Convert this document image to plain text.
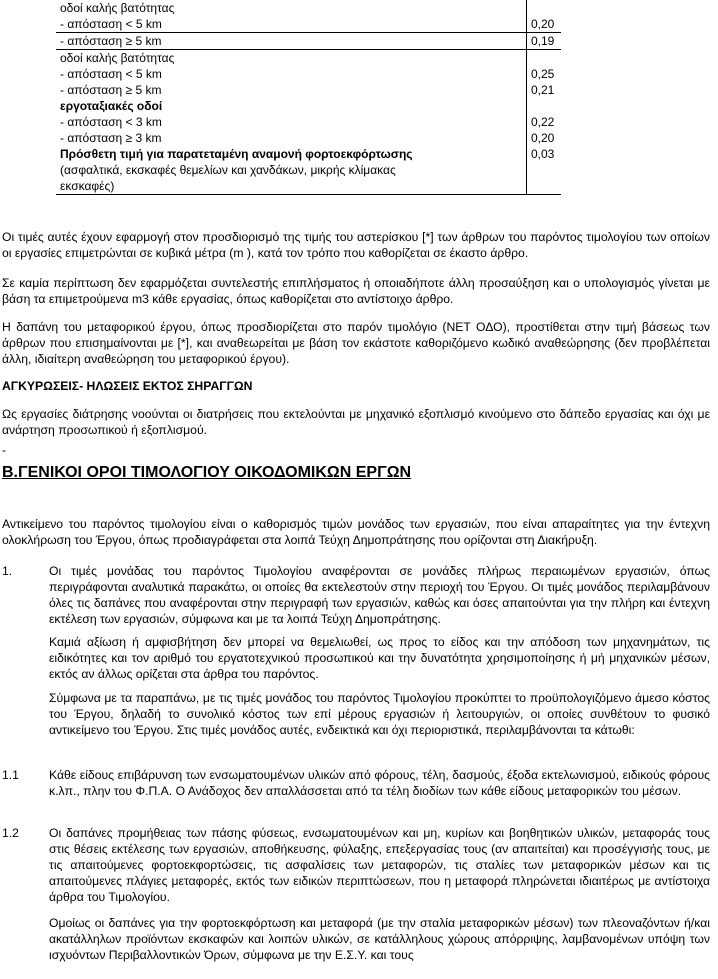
οδοί καλής βατότητας	
- απόσταση < 5 km	0,20
- απόσταση ≥ 5 km	0,19
οδοί καλής βατότητας	
- απόσταση < 5 km	0,25
- απόσταση ≥ 5 km	0,21
εργοταξιακές οδοί	
- απόσταση < 3 km	0,22
- απόσταση ≥ 3 km	0,20
Πρόσθετη τιμή για παρατεταμένη αναμονή φορτοεκφόρτωσης	0,03
(ασφαλτικά, εκσκαφές θεμελίων και χανδάκων, μικρής κλίμακας	
εκσκαφές)	

Οι τιμές αυτές έχουν εφαρμογή στον προσδιορισμό της τιμής του αστερίσκου [*] των άρθρων του παρόντος τιμολογίου των οποίων οι εργασίες επιμετρώνται σε κυβικά μέτρα (m ), κατά τον τρόπο που καθορίζεται σε έκαστο άρθρο.

Σε καμία περίπτωση δεν εφαρμόζεται συντελεστής επιπλήσματος ή οποιαδήποτε άλλη προσαύξηση και ο υπολογισμός γίνεται με βάση τα επιμετρούμενα m3 κάθε εργασίας, όπως καθορίζεται στο αντίστοιχο άρθρο.

Η δαπάνη του μεταφορικού έργου, όπως προσδιορίζεται στο παρόν τιμολόγιο (ΝΕΤ ΟΔΟ), προστίθεται στην τιμή βάσεως των άρθρων που επισημαίνονται με [*], και αναθεωρείται με βάση τον εκάστοτε καθοριζόμενο κωδικό αναθεώρησης (δεν προβλέπεται άλλη, ιδιαίτερη αναθεώρηση του μεταφορικού έργου).

ΑΓΚΥΡΩΣΕΙΣ- ΗΛΩΣΕΙΣ ΕΚΤΟΣ ΣΗΡΑΓΓΩΝ

Ως εργασίες διάτρησης νοούνται οι διατρήσεις που εκτελούνται με μηχανικό εξοπλισμό κινούμενο στο δάπεδο εργασίας και όχι με ανάρτηση προσωπικού ή εξοπλισμού.

-

Β.ΓΕΝΙΚΟΙ ΟΡΟΙ ΤΙΜΟΛΟΓΙΟΥ ΟΙΚΟΔΟΜΙΚΩΝ ΕΡΓΩΝ

Αντικείμενο του παρόντος τιμολογίου είναι ο καθορισμός τιμών μονάδος των εργασιών, που είναι απαραίτητες για την έντεχνη ολοκλήρωση του Έργου, όπως προδιαγράφεται στα λοιπά Τεύχη Δημοπράτησης που ορίζονται στη Διακήρυξη.

1.	Οι τιμές μονάδας του παρόντος Τιμολογίου αναφέρονται σε μονάδες πλήρως περαιωμένων εργασιών, όπως περιγράφονται αναλυτικά παρακάτω, οι οποίες θα εκτελεστούν στην περιοχή του Έργου. Οι τιμές μονάδος περιλαμβάνουν όλες τις δαπάνες που αναφέρονται στην περιγραφή των εργασιών, καθώς και όσες απαιτούνται για την πλήρη και έντεχνη εκτέλεση των εργασιών, σύμφωνα και με τα λοιπά Τεύχη Δημοπράτησης.

Καμιά αξίωση ή αμφισβήτηση δεν μπορεί να θεμελιωθεί, ως προς το είδος και την απόδοση των μηχανημάτων, τις ειδικότητες και τον αριθμό του εργατοτεχνικού προσωπικού και την δυνατότητα χρησιμοποίησης ή μή μηχανικών μέσων, εκτός αν άλλως ορίζεται στα άρθρα του παρόντος.

Σύμφωνα με τα παραπάνω, με τις τιμές μονάδος του παρόντος Τιμολογίου προκύπτει το προϋπολογιζόμενο άμεσο κόστος του Έργου, δηλαδή το συνολικό κόστος των επί μέρους εργασιών ή λειτουργιών, οι οποίες συνθέτουν το φυσικό αντικείμενο του Έργου. Στις τιμές μονάδος αυτές, ενδεικτικά και όχι περιοριστικά, περιλαμβάνονται τα κάτωθι:

1.1 Κάθε είδους επιβάρυνση των ενσωματουμένων υλικών από φόρους, τέλη, δασμούς, έξοδα εκτελωνισμού, ειδικούς φόρους κ.λπ., πλην του Φ.Π.Α. Ο Ανάδοχος δεν απαλλάσσεται από τα τέλη διοδίων των κάθε είδους μεταφορικών του μέσων.

1.2 Οι δαπάνες προμήθειας των πάσης φύσεως, ενσωματουμένων και μη, κυρίων και βοηθητικών υλικών, μεταφοράς τους στις θέσεις εκτέλεσης των εργασιών, αποθήκευσης, φύλαξης, επεξεργασίας τους (αν απαιτείται) και προσέγγισής τους, με τις απαιτούμενες φορτοεκφορτώσεις, τις ασφαλίσεις των μεταφορών, τις σταλίες των μεταφορικών μέσων και τις απαιτούμενες πλάγιες μεταφορές, εκτός των ειδικών περιπτώσεων, που η μεταφορά πληρώνεται ιδιαιτέρως με αντίστοιχα άρθρα του Τιμολογίου.

Ομοίως οι δαπάνες για την φορτοεκφόρτωση και μεταφορά (με την σταλία μεταφορικών μέσων) των πλεοναζόντων ή/και ακατάλληλων προϊόντων εκσκαφών και λοιπών υλικών, σε κατάλληλους χώρους απόρριψης, λαμβανομένων υπόψη των ισχυόντων Περιβαλλοντικών Όρων, σύμφωνα με την Ε.Σ.Υ. και τους
